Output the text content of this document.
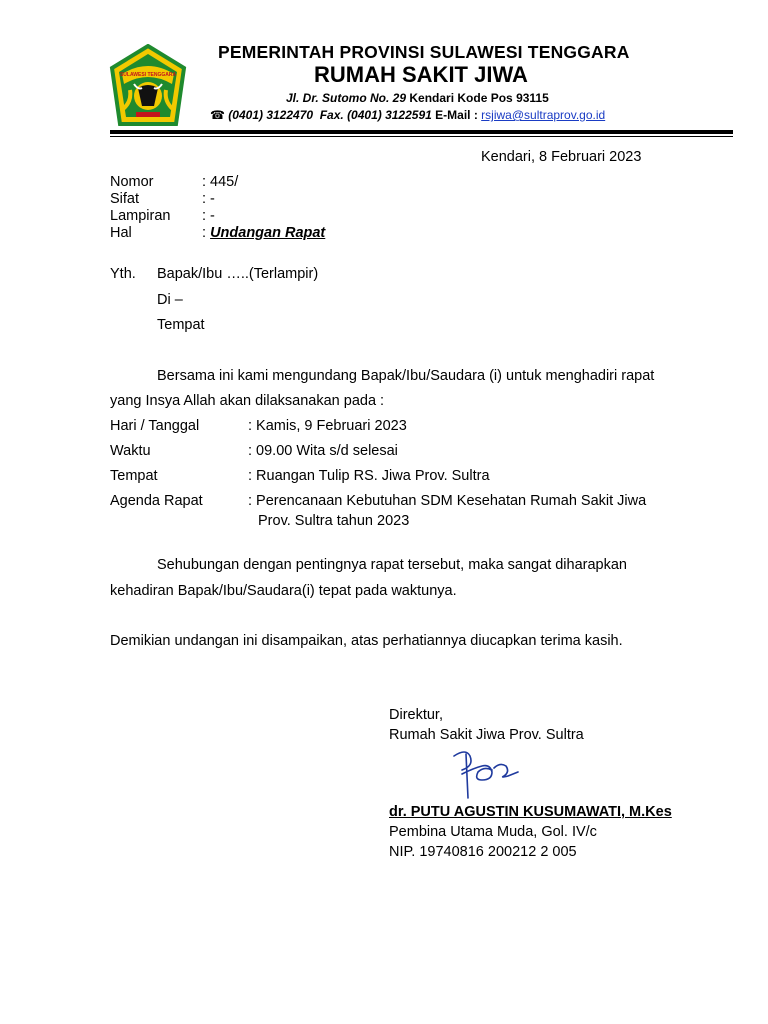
SULAWESI TENGGARA
PEMERINTAH PROVINSI SULAWESI TENGGARA
RUMAH SAKIT JIWA
Jl. Dr. Sutomo No. 29 Kendari Kode Pos 93115
☎ (0401) 3122470 Fax. (0401) 3122591 E-Mail : rsjiwa@sultraprov.go.id
Kendari, 8 Februari 2023
Nomor	: 445/
Sifat	: -
Lampiran : -
Hal	: Undangan Rapat
Yth. Bapak/Ibu …..(Terlampir)
Di –
Tempat
Bersama ini kami mengundang Bapak/Ibu/Saudara (i) untuk menghadiri rapat
yang Insya Allah akan dilaksanakan pada :
Hari / Tanggal	: Kamis, 9 Februari 2023
Waktu	: 09.00 Wita s/d selesai
Tempat	: Ruangan Tulip RS. Jiwa Prov. Sultra
Agenda Rapat	: Perencanaan Kebutuhan SDM Kesehatan Rumah Sakit Jiwa
Prov. Sultra tahun 2023
Sehubungan dengan pentingnya rapat tersebut, maka sangat diharapkan
kehadiran Bapak/Ibu/Saudara(i) tepat pada waktunya.
Demikian undangan ini disampaikan, atas perhatiannya diucapkan terima kasih.
Direktur,
Rumah Sakit Jiwa Prov. Sultra
dr. PUTU AGUSTIN KUSUMAWATI, M.Kes
Pembina Utama Muda, Gol. IV/c
NIP. 19740816 200212 2 005
